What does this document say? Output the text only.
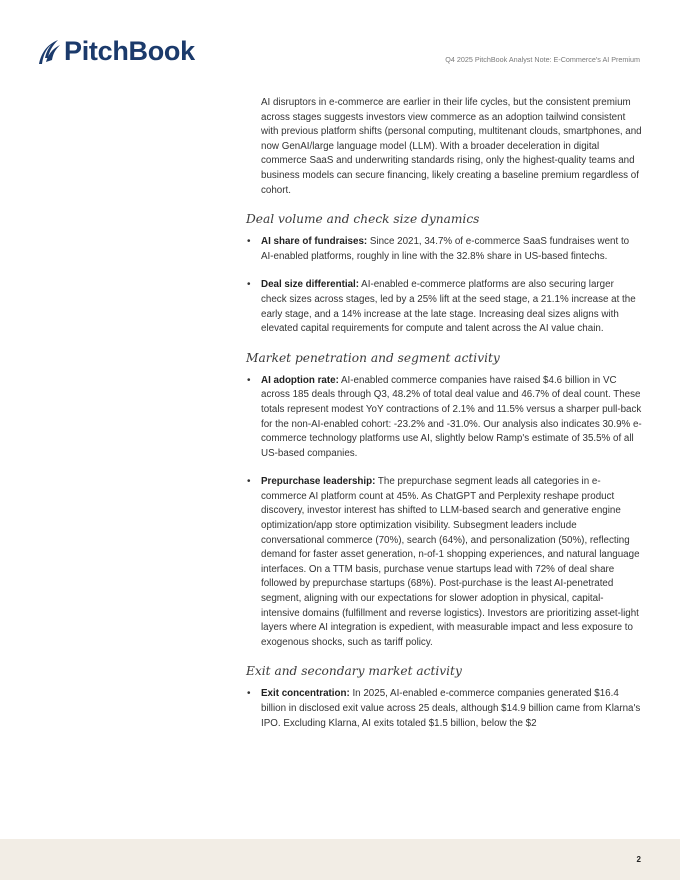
PitchBook	Q4 2025 PitchBook Analyst Note: E-Commerce's AI Premium

AI disruptors in e-commerce are earlier in their life cycles, but the consistent premium across stages suggests investors view commerce as an adoption tailwind consistent with previous platform shifts (personal computing, multitenant clouds, smartphones, and now GenAI/large language model (LLM). With a broader deceleration in digital commerce SaaS and underwriting standards rising, only the highest-quality teams and business models can secure financing, likely creating a baseline premium regardless of cohort.

Deal volume and check size dynamics
• AI share of fundraises: Since 2021, 34.7% of e-commerce SaaS fundraises went to AI-enabled platforms, roughly in line with the 32.8% share in US-based fintechs.
• Deal size differential: AI-enabled e-commerce platforms are also securing larger check sizes across stages, led by a 25% lift at the seed stage, a 21.1% increase at the early stage, and a 14% increase at the late stage. Increasing deal sizes aligns with elevated capital requirements for compute and talent across the AI value chain.
Market penetration and segment activity
• AI adoption rate: AI-enabled commerce companies have raised $4.6 billion in VC across 185 deals through Q3, 48.2% of total deal value and 46.7% of deal count. These totals represent modest YoY contractions of 2.1% and 11.5% versus a sharper pull-back for the non-AI-enabled cohort: -23.2% and -31.0%. Our analysis also indicates 30.9% e-commerce technology platforms use AI, slightly below Ramp's estimate of 35.5% of all US-based companies.
• Prepurchase leadership: The prepurchase segment leads all categories in e-commerce AI platform count at 45%. As ChatGPT and Perplexity reshape product discovery, investor interest has shifted to LLM-based search and generative engine optimization/app store optimization visibility. Subsegment leaders include conversational commerce (70%), search (64%), and personalization (50%), reflecting demand for faster asset generation, n-of-1 shopping experiences, and natural language interfaces. On a TTM basis, purchase venue startups lead with 72% of deal share followed by prepurchase startups (68%). Post-purchase is the least AI-penetrated segment, aligning with our expectations for slower adoption in physical, capital-intensive domains (fulfillment and reverse logistics). Investors are prioritizing asset-light layers where AI integration is expedient, with measurable impact and less exposure to exogenous shocks, such as tariff policy.
Exit and secondary market activity
• Exit concentration: In 2025, AI-enabled e-commerce companies generated $16.4 billion in disclosed exit value across 25 deals, although $14.9 billion came from Klarna's IPO. Excluding Klarna, AI exits totaled $1.5 billion, below the $2
2
